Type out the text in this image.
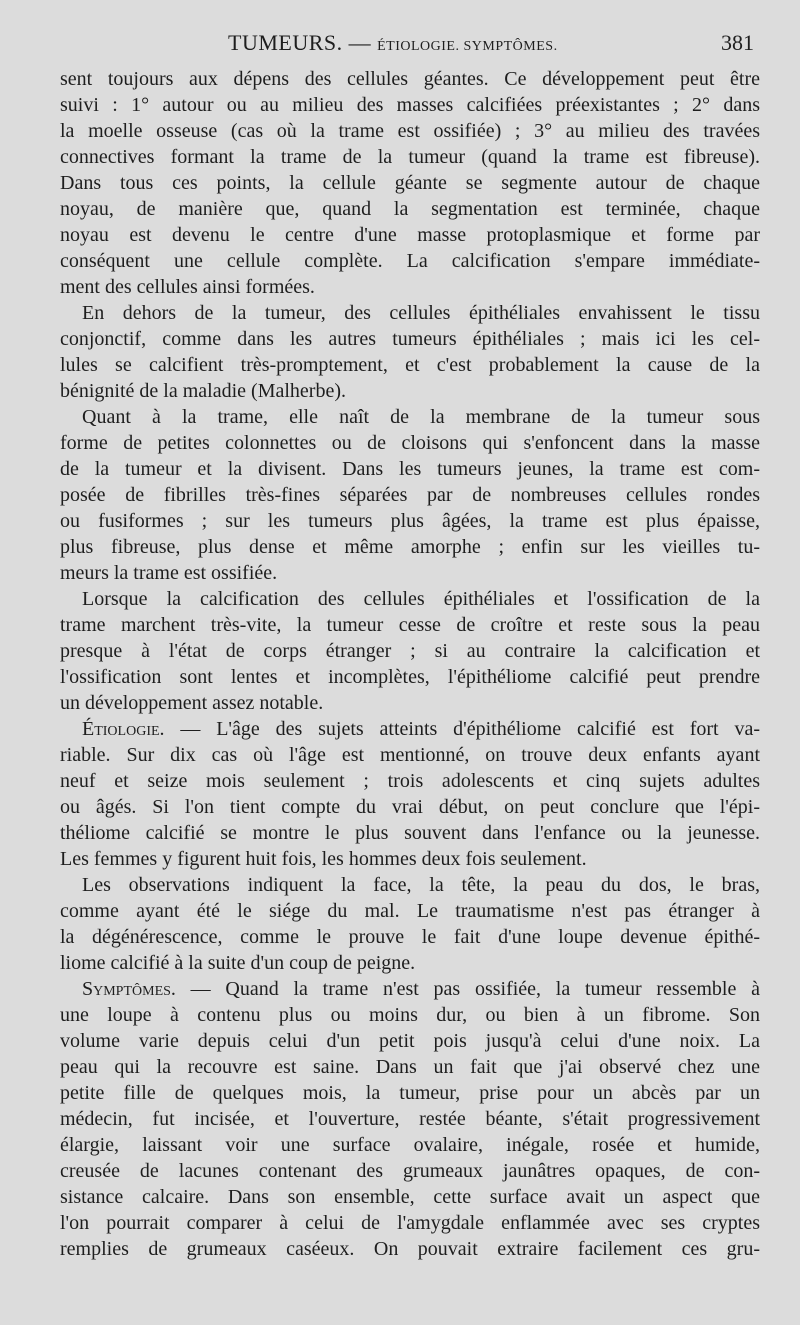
TUMEURS. — ÉTIOLOGIE. SYMPTÔMES.	381
sent toujours aux dépens des cellules géantes. Ce développement peut être
suivi : 1° autour ou au milieu des masses calcifiées préexistantes ; 2° dans
la moelle osseuse (cas où la trame est ossifiée) ; 3° au milieu des travées
connectives formant la trame de la tumeur (quand la trame est fibreuse).
Dans tous ces points, la cellule géante se segmente autour de chaque
noyau, de manière que, quand la segmentation est terminée, chaque
noyau est devenu le centre d'une masse protoplasmique et forme par
conséquent une cellule complète. La calcification s'empare immédiate-
ment des cellules ainsi formées.
En dehors de la tumeur, des cellules épithéliales envahissent le tissu
conjonctif, comme dans les autres tumeurs épithéliales ; mais ici les cel-
lules se calcifient très-promptement, et c'est probablement la cause de la
bénignité de la maladie (Malherbe).
Quant à la trame, elle naît de la membrane de la tumeur sous
forme de petites colonnettes ou de cloisons qui s'enfoncent dans la masse
de la tumeur et la divisent. Dans les tumeurs jeunes, la trame est com-
posée de fibrilles très-fines séparées par de nombreuses cellules rondes
ou fusiformes ; sur les tumeurs plus âgées, la trame est plus épaisse,
plus fibreuse, plus dense et même amorphe ; enfin sur les vieilles tu-
meurs la trame est ossifiée.
Lorsque la calcification des cellules épithéliales et l'ossification de la
trame marchent très-vite, la tumeur cesse de croître et reste sous la peau
presque à l'état de corps étranger ; si au contraire la calcification et
l'ossification sont lentes et incomplètes, l'épithéliome calcifié peut prendre
un développement assez notable.
Étiologie. — L'âge des sujets atteints d'épithéliome calcifié est fort va-
riable. Sur dix cas où l'âge est mentionné, on trouve deux enfants ayant
neuf et seize mois seulement ; trois adolescents et cinq sujets adultes
ou âgés. Si l'on tient compte du vrai début, on peut conclure que l'épi-
théliome calcifié se montre le plus souvent dans l'enfance ou la jeunesse.
Les femmes y figurent huit fois, les hommes deux fois seulement.
Les observations indiquent la face, la tête, la peau du dos, le bras,
comme ayant été le siége du mal. Le traumatisme n'est pas étranger à
la dégénérescence, comme le prouve le fait d'une loupe devenue épithé-
liome calcifié à la suite d'un coup de peigne.
Symptômes. — Quand la trame n'est pas ossifiée, la tumeur ressemble à
une loupe à contenu plus ou moins dur, ou bien à un fibrome. Son
volume varie depuis celui d'un petit pois jusqu'à celui d'une noix. La
peau qui la recouvre est saine. Dans un fait que j'ai observé chez une
petite fille de quelques mois, la tumeur, prise pour un abcès par un
médecin, fut incisée, et l'ouverture, restée béante, s'était progressivement
élargie, laissant voir une surface ovalaire, inégale, rosée et humide,
creusée de lacunes contenant des grumeaux jaunâtres opaques, de con-
sistance calcaire. Dans son ensemble, cette surface avait un aspect que
l'on pourrait comparer à celui de l'amygdale enflammée avec ses cryptes
remplies de grumeaux caséeux. On pouvait extraire facilement ces gru-
